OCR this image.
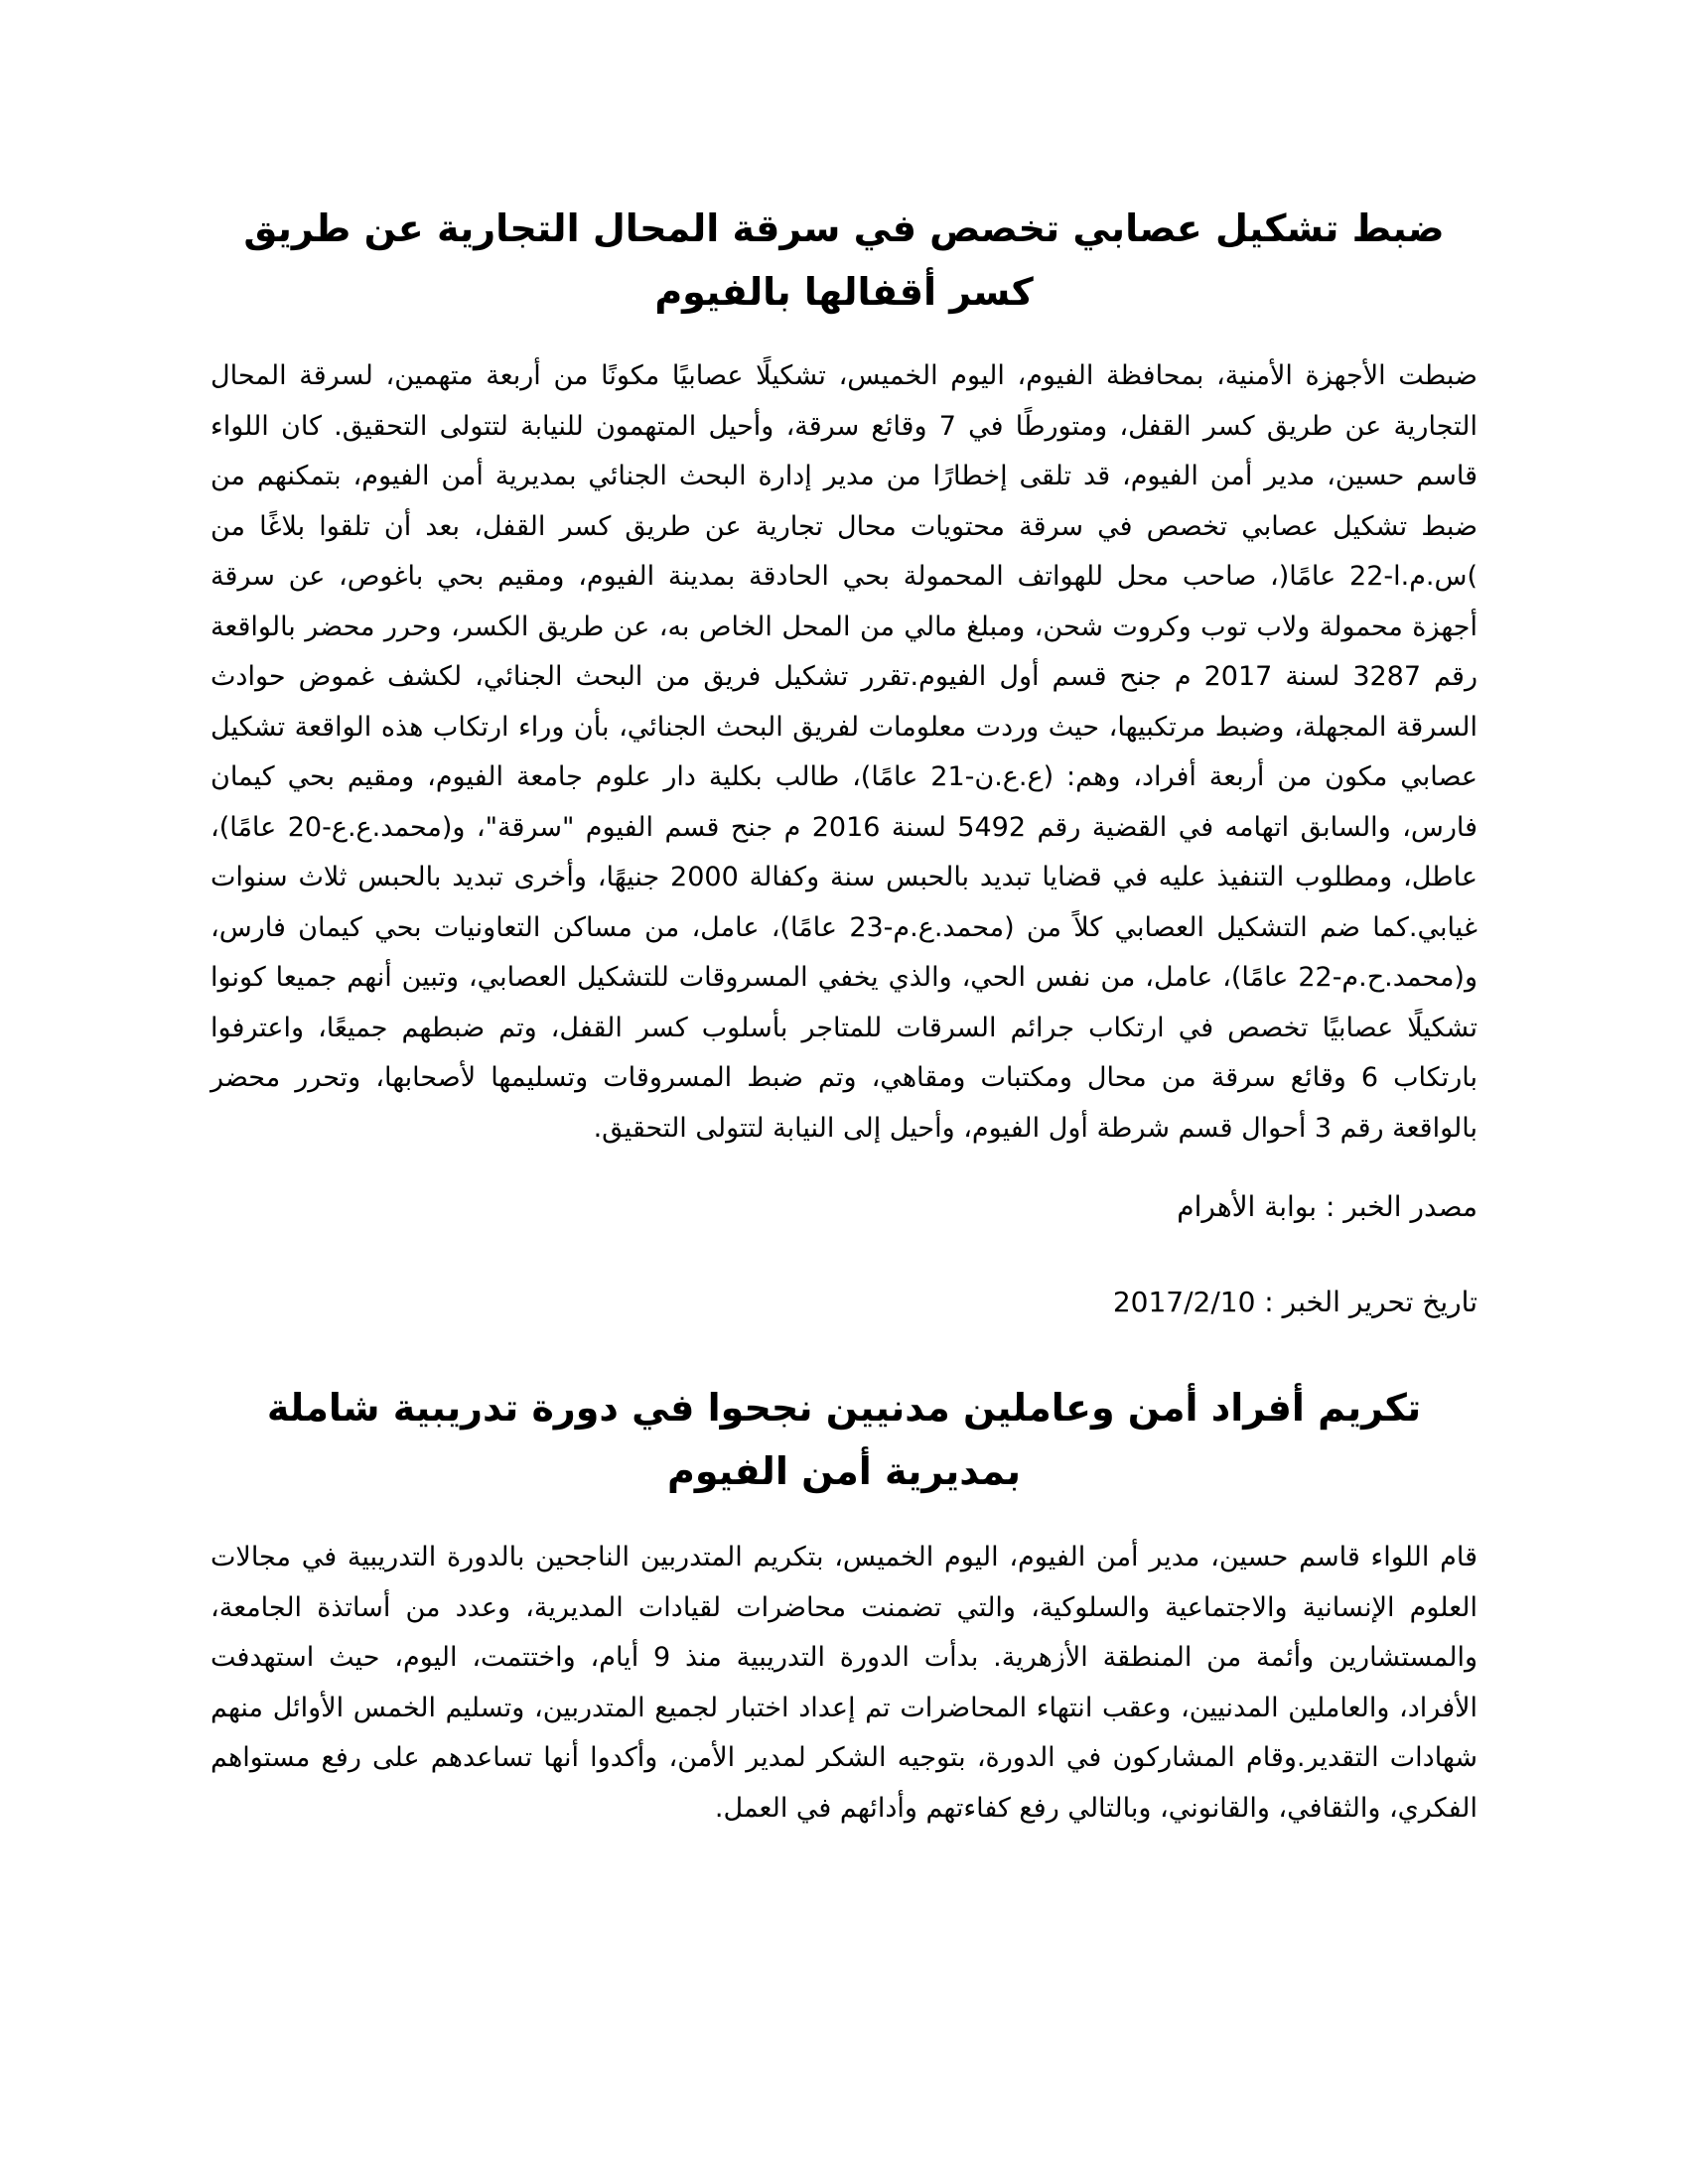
ضبط تشكيل عصابي تخصص في سرقة المحال التجارية عن طريق كسر أقفالها بالفيوم

ضبطت الأجهزة الأمنية، بمحافظة الفيوم، اليوم الخميس، تشكيلًا عصابيًا مكونًا من أربعة متهمين، لسرقة المحال التجارية عن طريق كسر القفل، ومتورطًا في 7 وقائع سرقة، وأحيل المتهمون للنيابة لتتولى التحقيق. كان اللواء قاسم حسين، مدير أمن الفيوم، قد تلقى إخطارًا من مدير إدارة البحث الجنائي بمديرية أمن الفيوم، بتمكنهم من ضبط تشكيل عصابي تخصص في سرقة محتويات محال تجارية عن طريق كسر القفل، بعد أن تلقوا بلاغًا من )س.م.ا-22 عامًا(، صاحب محل للهواتف المحمولة بحي الحادقة بمدينة الفيوم، ومقيم بحي باغوص، عن سرقة أجهزة محمولة ولاب توب وكروت شحن، ومبلغ مالي من المحل الخاص به، عن طريق الكسر، وحرر محضر بالواقعة رقم 3287 لسنة 2017 م جنح قسم أول الفيوم.تقرر تشكيل فريق من البحث الجنائي، لكشف غموض حوادث السرقة المجهلة، وضبط مرتكبيها، حيث وردت معلومات لفريق البحث الجنائي، بأن وراء ارتكاب هذه الواقعة تشكيل عصابي مكون من أربعة أفراد، وهم: (ع.ع.ن-21 عامًا)، طالب بكلية دار علوم جامعة الفيوم، ومقيم بحي كيمان فارس، والسابق اتهامه في القضية رقم 5492 لسنة 2016 م جنح قسم الفيوم "سرقة"، و(محمد.ع.ع-20 عامًا)، عاطل، ومطلوب التنفيذ عليه في قضايا تبديد بالحبس سنة وكفالة 2000 جنيهًا، وأخرى تبديد بالحبس ثلاث سنوات غيابي.كما ضم التشكيل العصابي كلاً من (محمد.ع.م-23 عامًا)، عامل، من مساكن التعاونيات بحي كيمان فارس، و(محمد.ح.م-22 عامًا)، عامل، من نفس الحي، والذي يخفي المسروقات للتشكيل العصابي، وتبين أنهم جميعا كونوا تشكيلًا عصابيًا تخصص في ارتكاب جرائم السرقات للمتاجر بأسلوب كسر القفل، وتم ضبطهم جميعًا، واعترفوا بارتكاب 6 وقائع سرقة من محال ومكتبات ومقاهي، وتم ضبط المسروقات وتسليمها لأصحابها، وتحرر محضر بالواقعة رقم 3 أحوال قسم شرطة أول الفيوم، وأحيل إلى النيابة لتتولى التحقيق.

مصدر الخبر : بوابة الأهرام

تاريخ تحرير الخبر : 2017/2/10

تكريم أفراد أمن وعاملين مدنيين نجحوا في دورة تدريبية شاملة بمديرية أمن الفيوم

قام اللواء قاسم حسين، مدير أمن الفيوم، اليوم الخميس، بتكريم المتدربين الناجحين بالدورة التدريبية في مجالات العلوم الإنسانية والاجتماعية والسلوكية، والتي تضمنت محاضرات لقيادات المديرية، وعدد من أساتذة الجامعة، والمستشارين وأئمة من المنطقة الأزهرية. بدأت الدورة التدريبية منذ 9 أيام، واختتمت، اليوم، حيث استهدفت الأفراد، والعاملين المدنيين، وعقب انتهاء المحاضرات تم إعداد اختبار لجميع المتدربين، وتسليم الخمس الأوائل منهم شهادات التقدير.وقام المشاركون في الدورة، بتوجيه الشكر لمدير الأمن، وأكدوا أنها تساعدهم على رفع مستواهم الفكري، والثقافي، والقانوني، وبالتالي رفع كفاءتهم وأدائهم في العمل.
